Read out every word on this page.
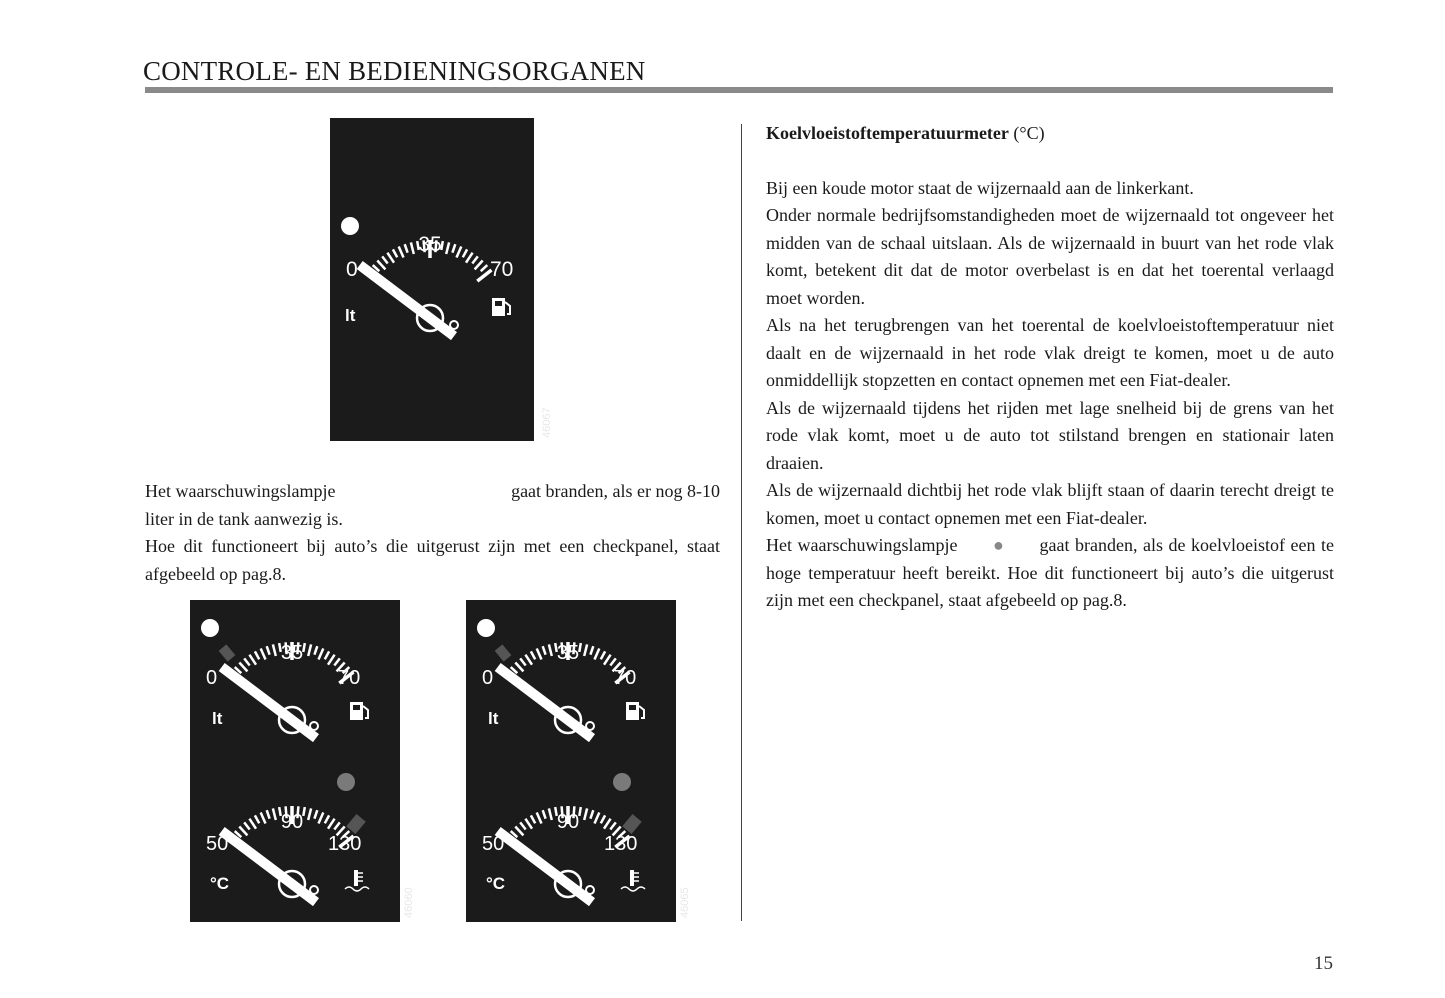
CONTROLE- EN BEDIENINGSORGANEN
35
0	70
lt
46067
35
0	70
lt
90
50	130
°C
46060
35
0	70
lt
90
50	130
°C
46065

Het waarschuwingslampje	gaat branden, als er nog 8-10

liter in de tank aanwezig is.

Hoe dit functioneert bij auto’s die uitgerust zijn met een checkpanel, staat afgebeeld op pag.8.

Koelvloeistoftemperatuurmeter (°C)

Bij een koude motor staat de wijzernaald aan de linkerkant.

Onder normale bedrijfsomstandigheden moet de wijzernaald tot ongeveer het midden van de schaal uitslaan. Als de wijzernaald in buurt van het rode vlak komt, betekent dit dat de motor overbelast is en dat het toerental verlaagd moet worden.

Als na het terugbrengen van het toerental de koelvloeistoftemperatuur niet daalt en de wijzernaald in het rode vlak dreigt te komen, moet u de auto onmiddellijk stopzetten en contact opnemen met een Fiat-dealer.

Als de wijzernaald tijdens het rijden met lage snelheid bij de grens van het rode vlak komt, moet u de auto tot stilstand brengen en stationair laten draaien.

Als de wijzernaald dichtbij het rode vlak blijft staan of daarin terecht dreigt te komen, moet u contact opnemen met een Fiat-dealer.

Het waarschuwingslampje ● gaat branden, als de koelvloeistof een te hoge temperatuur heeft bereikt. Hoe dit functioneert bij auto’s die uitgerust zijn met een checkpanel, staat afgebeeld op pag.8.

15
